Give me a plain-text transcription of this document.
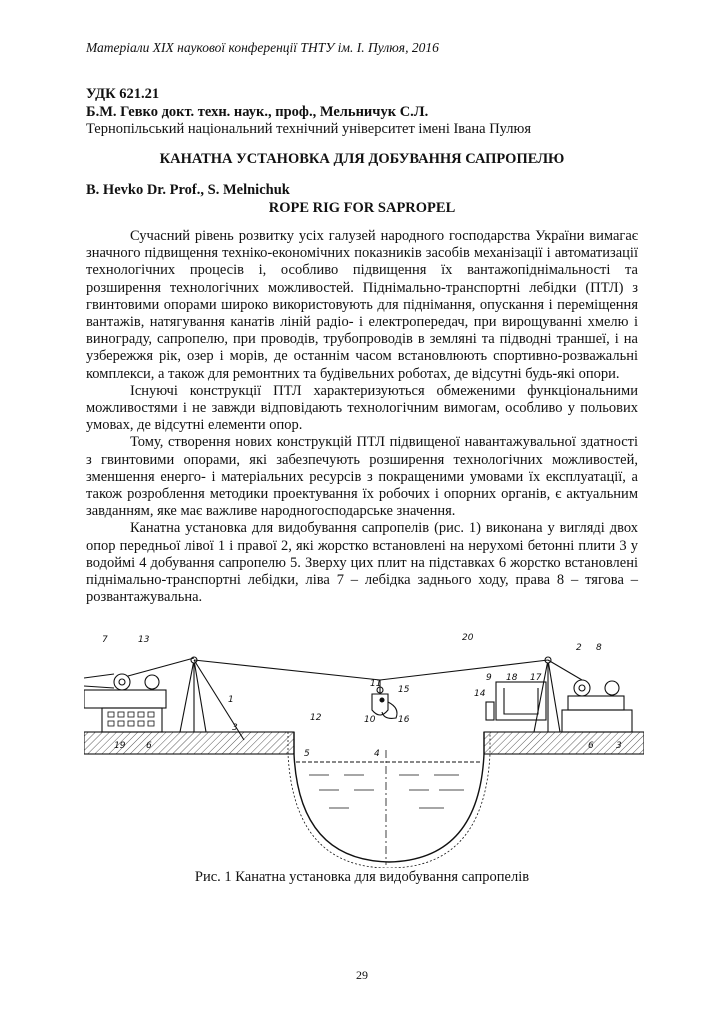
Матеріали ХІХ наукової конференції ТНТУ ім. І. Пулюя, 2016
УДК 621.21
Б.М. Гевко докт. техн. наук., проф., Мельничук С.Л.
Тернопільський національний технічний університет імені Івана Пулюя
КАНАТНА УСТАНОВКА ДЛЯ ДОБУВАННЯ САПРОПЕЛЮ
B. Hevko Dr. Prof., S. Melnichuk
ROPE RIG FOR SAPROPEL

Сучасний рівень розвитку усіх галузей народного господарства України вимагає значного підвищення техніко-економічних показників засобів механізації і автоматизації технологічних процесів і, особливо підвищення їх вантажопіднімальності та розширення технологічних можливостей. Піднімально-транспортні лебідки (ПТЛ) з гвинтовими опорами широко використовують для піднімання, опускання і переміщення вантажів, натягування канатів ліній радіо- і електропередач, при вирощуванні хмелю і винограду, сапропелю, при проводів, трубопроводів в земляні та підводні траншеї, і на узбережжя рік, озер і морів, де останнім часом встановлюють спортивно-розважальні комплекси, а також для ремонтних та будівельних роботах, де відсутні будь-які опори.

Існуючі конструкції ПТЛ характеризуються обмеженими функціональними можливостями і не завжди відповідають технологічним вимогам, особливо у польових умовах, де відсутні елементи опор.

Тому, створення нових конструкцій ПТЛ підвищеної навантажувальної здатності з гвинтовими опорами, які забезпечують розширення технологічних можливостей, зменшення енерго- і матеріальних ресурсів з покращеними умовами їх експлуатації, а також розроблення методики проектування їх робочих і опорних органів, є актуальним завданням, яке має важливе народногосподарське значення.

Канатна установка для видобування сапропелів (рис. 1) виконана у вигляді двох опор передньої лівої 1 і правої 2, які жорстко встановлені на нерухомі бетонні плити 3 у водоймі 4 добування сапропелю 5. Зверху цих плит на підставках 6 жорстко встановлені піднімально-транспортні лебідки, ліва 7 – лебідка заднього ходу, права 8 – тягова – розвантажувальна.

7	13
1
3
19 6
12
11
15
10	16
5	4
20
2 8
9 18 17
14
6 3
Рис. 1 Канатна установка для видобування сапропелів
29
